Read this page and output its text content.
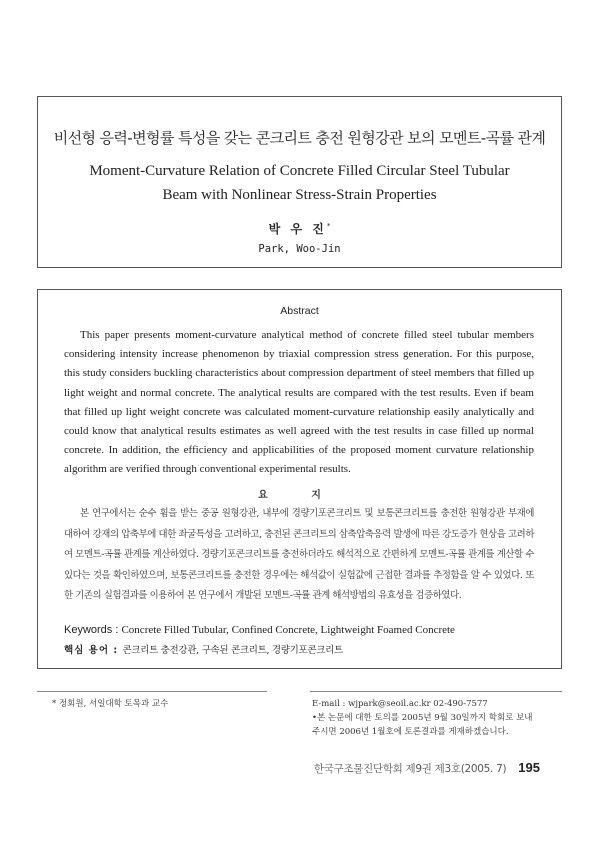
비선형 응력-변형률 특성을 갖는 콘크리트 충전 원형강관 보의 모멘트-곡률 관계
Moment-Curvature Relation of Concrete Filled Circular Steel Tubular
Beam with Nonlinear Stress-Strain Properties
박 우 진*
Park, Woo-Jin
Abstract
This paper presents moment-curvature analytical method of concrete filled steel tubular members considering intensity increase phenomenon by triaxial compression stress generation. For this purpose, this study considers buckling characteristics about compression department of steel members that filled up light weight and normal concrete. The analytical results are compared with the test results. Even if beam that filled up light weight concrete was calculated moment-curvature relationship easily analytically and could know that analytical results estimates as well agreed with the test results in case filled up normal concrete. In addition, the efficiency and applicabilities of the proposed moment curvature relationship algorithm are verified through conventional experimental results.
요 지
본 연구에서는 순수 휨을 받는 중공 원형강관, 내부에 경량기포콘크리트 및 보통콘크리트를 충전한 원형강관 부재에 대하여 강재의 압축부에 대한 좌굴특성을 고려하고, 충전된 콘크리트의 삼축압축응력 발생에 따른 강도증가 현상을 고려하여 모멘트-곡률 관계를 계산하였다. 경량기포콘크리트를 충전하더라도 해석적으로 간편하게 모멘트-곡률 관계를 계산할 수 있다는 것을 확인하였으며, 보통콘크리트를 충전한 경우에는 해석값이 실험값에 근접한 결과를 추정함을 알 수 있었다. 또한 기존의 실험결과를 이용하여 본 연구에서 개발된 모멘트-곡률 관계 해석방법의 유효성을 검증하였다.
Keywords : Concrete Filled Tubular, Confined Concrete, Lightweight Foamed Concrete
핵심 용어 : 콘크리트 충전강관, 구속된 콘크리트, 경량기포콘크리트
* 정회원, 서일대학 토목과 교수	E-mail : wjpark@seoil.ac.kr 02-490-7577
•본 논문에 대한 토의를 2005년 9월 30일까지 학회로 보내
주시면 2006년 1월호에 토론결과를 게재하겠습니다.
한국구조물진단학회 제9권 제3호(2005. 7) 195
